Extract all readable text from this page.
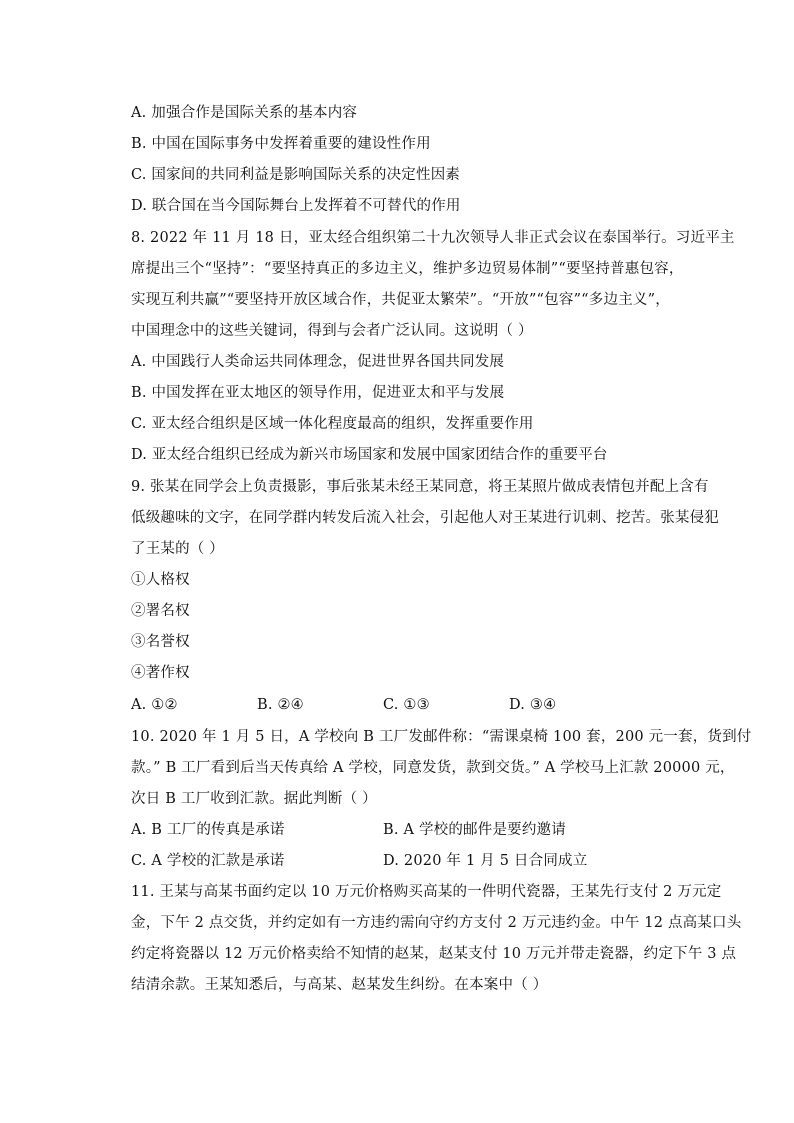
A. 加强合作是国际关系的基本内容
B. 中国在国际事务中发挥着重要的建设性作用
C. 国家间的共同利益是影响国际关系的决定性因素
D. 联合国在当今国际舞台上发挥着不可替代的作用
8. 2022 年 11 月 18 日，亚太经合组织第二十九次领导人非正式会议在泰国举行。习近平主
席提出三个“坚持”：“要坚持真正的多边主义，维护多边贸易体制”“要坚持普惠包容，
实现互利共赢”“要坚持开放区域合作，共促亚太繁荣”。“开放”“包容”“多边主义”，
中国理念中的这些关键词，得到与会者广泛认同。这说明（ ）
A. 中国践行人类命运共同体理念，促进世界各国共同发展
B. 中国发挥在亚太地区的领导作用，促进亚太和平与发展
C. 亚太经合组织是区域一体化程度最高的组织，发挥重要作用
D. 亚太经合组织已经成为新兴市场国家和发展中国家团结合作的重要平台
9. 张某在同学会上负责摄影，事后张某未经王某同意，将王某照片做成表情包并配上含有
低级趣味的文字，在同学群内转发后流入社会，引起他人对王某进行讥刺、挖苦。张某侵犯
了王某的（ ）
①人格权
②署名权
③名誉权
④著作权
A. ①②	B. ②④	C. ①③	D. ③④
10. 2020 年 1 月 5 日，A 学校向 B 工厂发邮件称：“需课桌椅 100 套，200 元一套，货到付
款。” B 工厂看到后当天传真给 A 学校，同意发货，款到交货。” A 学校马上汇款 20000 元，
次日 B 工厂收到汇款。据此判断（ ）
A. B 工厂的传真是承诺	B. A 学校的邮件是要约邀请
C. A 学校的汇款是承诺	D. 2020 年 1 月 5 日合同成立
11. 王某与高某书面约定以 10 万元价格购买高某的一件明代瓷器，王某先行支付 2 万元定
金，下午 2 点交货，并约定如有一方违约需向守约方支付 2 万元违约金。中午 12 点高某口头
约定将瓷器以 12 万元价格卖给不知情的赵某，赵某支付 10 万元并带走瓷器，约定下午 3 点
结清余款。王某知悉后，与高某、赵某发生纠纷。在本案中（ ）
